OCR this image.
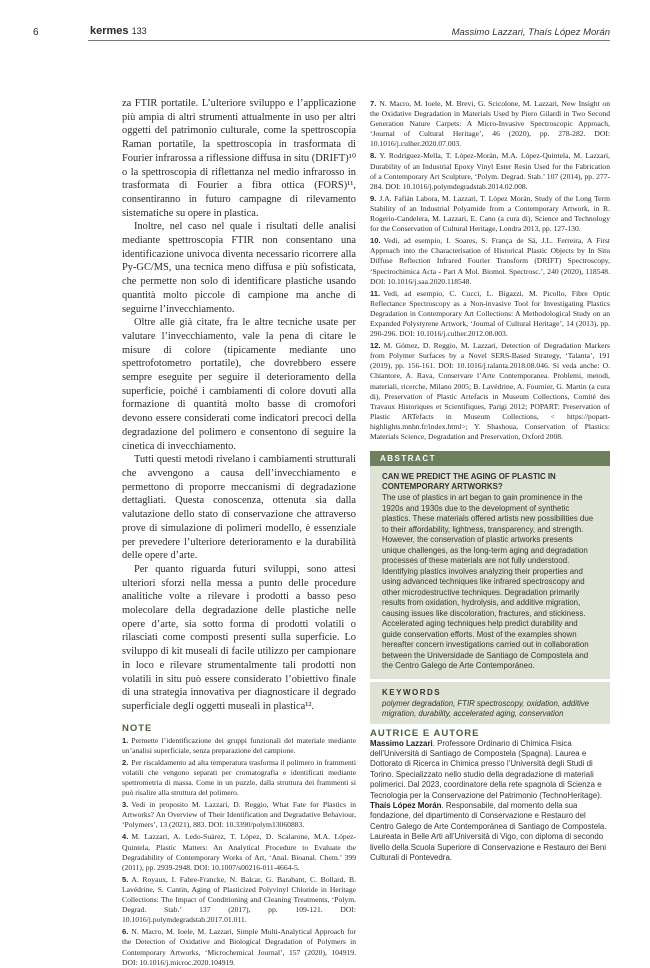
6	kermes 133	Massimo Lazzari, Thaís López Morán

za FTIR portatile. L’ulteriore sviluppo e l’applicazione più ampia di altri strumenti attualmente in uso per altri oggetti del patrimonio culturale, come la spettroscopia Raman portatile, la spettroscopia in trasformata di Fourier infrarossa a riflessione diffusa in situ (DRIFT)¹⁰ o la spettroscopia di riflettanza nel medio infrarosso in trasformata di Fourier a fibra ottica (FORS)¹¹, consentiranno in futuro campagne di rilevamento sistematiche su opere in plastica.

Inoltre, nel caso nel quale i risultati delle analisi mediante spettroscopia FTIR non consentano una identificazione univoca diventa necessario ricorrere alla Py-GC/MS, una tecnica meno diffusa e più sofisticata, che permette non solo di identificare plastiche usando quantità molto piccole di campione ma anche di seguirne l’invecchiamento.

Oltre alle già citate, fra le altre tecniche usate per valutare l’invecchiamento, vale la pena di citare le misure di colore (tipicamente mediante uno spettrofotometro portatile), che dovrebbero essere sempre eseguite per seguire il deterioramento della superficie, poiché i cambiamenti di colore dovuti alla formazione di quantità molto basse di cromofori devono essere considerati come indicatori precoci della degradazione del polimero e consentono di seguire la cinetica di invecchiamento.

Tutti questi metodi rivelano i cambiamenti strutturali che avvengono a causa dell’invecchiamento e permettono di proporre meccanismi di degradazione dettagliati. Questa conoscenza, ottenuta sia dalla valutazione dello stato di conservazione che attraverso prove di simulazione di polimeri modello, è essenziale per prevedere l’ulteriore deterioramento e la durabilità delle opere d’arte.

Per quanto riguarda futuri sviluppi, sono attesi ulteriori sforzi nella messa a punto delle procedure analitiche volte a rilevare i prodotti a basso peso molecolare della degradazione delle plastiche nelle opere d’arte, sia sotto forma di prodotti volatili o rilasciati come composti presenti sulla superficie. Lo sviluppo di kit museali di facile utilizzo per campionare in loco e rilevare strumentalmente tali prodotti non volatili in situ può essere considerato l’obiettivo finale di una strategia innovativa per diagnosticare il degrado superficiale degli oggetti museali in plastica¹².

NOTE

1. Permette l’identificazione dei gruppi funzionali del materiale mediante un’analisi superficiale, senza preparazione del campione.

2. Per riscaldamento ad alta temperatura trasforma il polimero in frammenti volatili che vengono separati per cromatografia e identificati mediante spettrometria di massa. Come in un puzzle, dalla struttura dei frammenti si può risalire alla struttura del polimero.

3. Vedi in proposito M. Lazzari, D. Reggio, What Fate for Plastics in Artworks? An Overview of Their Identification and Degradative Behaviour, ‘Polymers’, 13 (2021), 883. DOI: 10.3390/polym13060883.

4. M. Lazzari, A. Ledo-Suárez, T. López, D. Scalarone, M.A. López-Quintela, Plastic Matters: An Analytical Procedure to Evaluate the Degradability of Contemporary Works of Art, ‘Anal. Bioanal. Chem.’ 399 (2011), pp. 2939-2948. DOI: 10.1007/s00216-011-4664-5.

5. A. Royaux, I. Fabre-Francke, N. Balcar, G. Barabant, C. Bollard, B. Lavédrine, S. Cantin, Aging of Plasticized Polyvinyl Chloride in Heritage Collections: The Impact of Conditioning and Cleaning Treatments, ‘Polym. Degrad. Stab.’ 137 (2017), pp. 109-121. DOI: 10.1016/j.polymdegradstab.2017.01.011.

6. N. Macro, M. Ioele, M. Lazzari, Simple Multi-Analytical Approach for the Detection of Oxidative and Biological Degradation of Polymers in Contemporary Artworks, ‘Microchemical Journal’, 157 (2020), 104919. DOI: 10.1016/j.microc.2020.104919.

7. N. Macro, M. Ioele, M. Brevi, G. Scicolone, M. Lazzari, New Insight on the Oxidative Degradation in Materials Used by Piero Gilardi in Two Second Generation Nature Carpets: A Micro-Invasive Spectroscopic Approach, ‘Journal of Cultural Heritage’, 46 (2020), pp. 278-282. DOI: 10.1016/j.culher.2020.07.003.

8. Y. Rodríguez-Mella, T. López-Morán, M.A. López-Quintela, M. Lazzari, Durability of an Industrial Epoxy Vinyl Ester Resin Used for the Fabrication of a Contemporary Art Sculpture, ‘Polym. Degrad. Stab.’ 107 (2014), pp. 277-284. DOI: 10.1016/j.polymdegradstab.2014.02.008.

9. J.A. Fafián Labora, M. Lazzari, T. López Morán, Study of the Long Term Stability of an Industrial Polyamide from a Contemporary Artwork, in R. Rogerio-Candelera, M. Lazzari, E. Cano (a cura di), Science and Technology for the Conservation of Cultural Heritage, Londra 2013, pp. 127-130.

10. Vedi, ad esempio, I. Soares, S. França de Sá, J.L. Ferreira, A First Approach into the Characterisation of Historical Plastic Objects by In Situ Diffuse Reflection Infrared Fourier Transform (DRIFT) Spectroscopy, ‘Spectrochimica Acta - Part A Mol. Biomol. Spectrosc.’, 240 (2020), 118548. DOI: 10.1016/j.saa.2020.118548.

11. Vedi, ad esempio, C. Cucci, L. Bigazzi, M. Picollo, Fibre Optic Reflectance Spectroscopy as a Non-invasive Tool for Investigating Plastics Degradation in Contemporary Art Collections: A Methodological Study on an Expanded Polystyrene Artwork, ‘Journal of Cultural Heritage’, 14 (2013), pp. 290-296. DOI: 10.1016/j.culher.2012.08.003.

12. M. Gómez, D. Reggio, M. Lazzari, Detection of Degradation Markers from Polymer Surfaces by a Novel SERS-Based Strategy, ‘Talanta’, 191 (2019), pp. 156-161. DOI: 10.1016/j.talanta.2018.08.046. Si veda anche: O. Chiantore, A. Rava, Conservare l’Arte Contemporanea. Problemi, metodi, materiali, ricerche, Milano 2005; B. Lavédrine, A. Fournier, G. Martin (a cura di), Preservation of Plastic Artefacts in Museum Collections, Comité des Travaux Historiques et Scientifiques, Parigi 2012; POPART: Preservation of Plastic ARTefacts in Museum Collections, < https://popart-highlights.mnhn.fr/index.html>; Y. Shashoua, Conservation of Plastics: Materials Science, Degradation and Preservation, Oxford 2008.

ABSTRACT
CAN WE PREDICT THE AGING OF PLASTIC IN CONTEMPORARY ARTWORKS?

The use of plastics in art began to gain prominence in the 1920s and 1930s due to the development of synthetic plastics. These materials offered artists new possibilities due to their affordability, lightness, transparency, and strength. However, the conservation of plastic artworks presents unique challenges, as the long-term aging and degradation processes of these materials are not fully understood. Identifying plastics involves analyzing their properties and using advanced techniques like infrared spectroscopy and other microdestructive techniques. Degradation primarily results from oxidation, hydrolysis, and additive migration, causing issues like discoloration, fractures, and stickiness. Accelerated aging techniques help predict durability and guide conservation efforts. Most of the examples shown hereafter concern investigations carried out in collaboration between the Universidade de Santiago de Compostela and the Centro Galego de Arte Contemporáneo.

KEYWORDS

polymer degradation, FTIR spectroscopy, oxidation, additive migration, durability, accelerated aging, conservation

AUTRICE E AUTORE

Massimo Lazzari. Professore Ordinario di Chimica Fisica dell’Università di Santiago de Compostela (Spagna). Laurea e Dottorato di Ricerca in Chimica presso l’Università degli Studi di Torino. Specializzato nello studio della degradazione di materiali polimerici. Dal 2023, coordinatore della rete spagnola di Scienza e Tecnologia per la Conservazione del Patrimonio (TechnoHeritage).

Thaís López Morán. Responsabile, dal momento della sua fondazione, del dipartimento di Conservazione e Restauro del Centro Galego de Arte Contemporánea di Santiago de Compostela. Laureata in Belle Arti all’Università di Vigo, con diploma di secondo livello della Scuola Superiore di Conservazione e Restauro dei Beni Culturali di Pontevedra.
